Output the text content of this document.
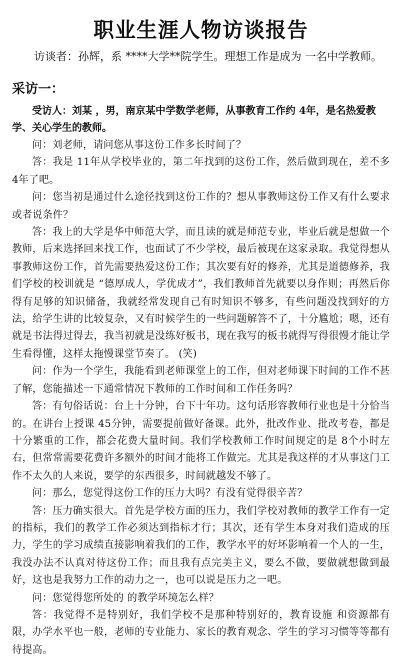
职业生涯人物访谈报告

访谈者：孙辉，系 ****大学**院学生。理想工作是成为 一名中学教师。

采访一：

受访人：刘某 ，男，南京某中学数学老师，从事教育工作约 4年，是名热爱教学、关心学生的教师。

问：刘老师，请问您从事这份工作多长时间了？

答：我是 11年从学校毕业的，第二年找到的这份工作，然后做到现在，差不多 4年了吧。

问：您当初是通过什么途径找到这份工作的？想从事教师这份工作又有什么要求或者说条件？

答：我上的大学是华中师范大学，而且读的就是师范专业，毕业后就是想做一个教师，后来选择回来找工作，也面试了不少学校，最后被现在这家录取。我觉得想从事教师这份工作，首先需要热爱这份工作；其次要有好的修养，尤其是道德修养，我们学校的校训就是 “德厚成人，学优成才”，我们教师首先就要以身作则；再然后你得有足够的知识储备，我就经常发现自己有时知识不够多，有些问题没找到好的方法，给学生讲的比较复杂，又有时候学生的一些问题解答不了，十分尴尬；嗯，还有就是书法得过得去，我当初就是没练好板书，现在我写的板书就得写得很慢才能让学生看得懂，这样太拖慢课堂节奏了。 (笑)

问：作为一个学生，我能看到老师课堂上的工作，但对老师课下时间的工作不甚了解，您能描述一下通常情况下教师的工作时间和工作任务吗？

答：有句俗话说：台上十分钟，台下十年功。这句话形容教师行业也是十分恰当的。在讲台上授课 45分钟，需要提前做好备课。此外，批改作业、批改考卷，都是十分繁重的工作，都会花费大量时间。我们学校教师工作时间规定的是 8个小时左右，但常常需要花费许多额外的时间才能将工作做完。尤其是我这样的才从事这门工作不太久的人来说，要学的东西很多，时间就越发不够了。

问：那么，您觉得这份工作的压力大吗？有没有觉得很辛苦？

答：压力确实很大。首先是学校方面的压力，我们学校对教师的教学工作有一定的指标，我们的教学工作必须达到指标才行；其次，还有学生本身对我们造成的压力，学生的学习成绩直接影响着我们的工作，教学水平的好坏影响着一个人的一生，我没办法不认真对待这份工作；而且我有点完美主义，要么不做，要做就想做到最好，这也是我努力工作的动力之一，也可以说是压力之一吧。

问：您觉得您所处的 的教学环境怎么样？

答：我觉得不是特别好，我们学校不是那种特别好的，教育设施 和资源都有限，办学水平也一般，老师的专业能力、家长的教育观念、学生的学习习惯等等都有待提高。
